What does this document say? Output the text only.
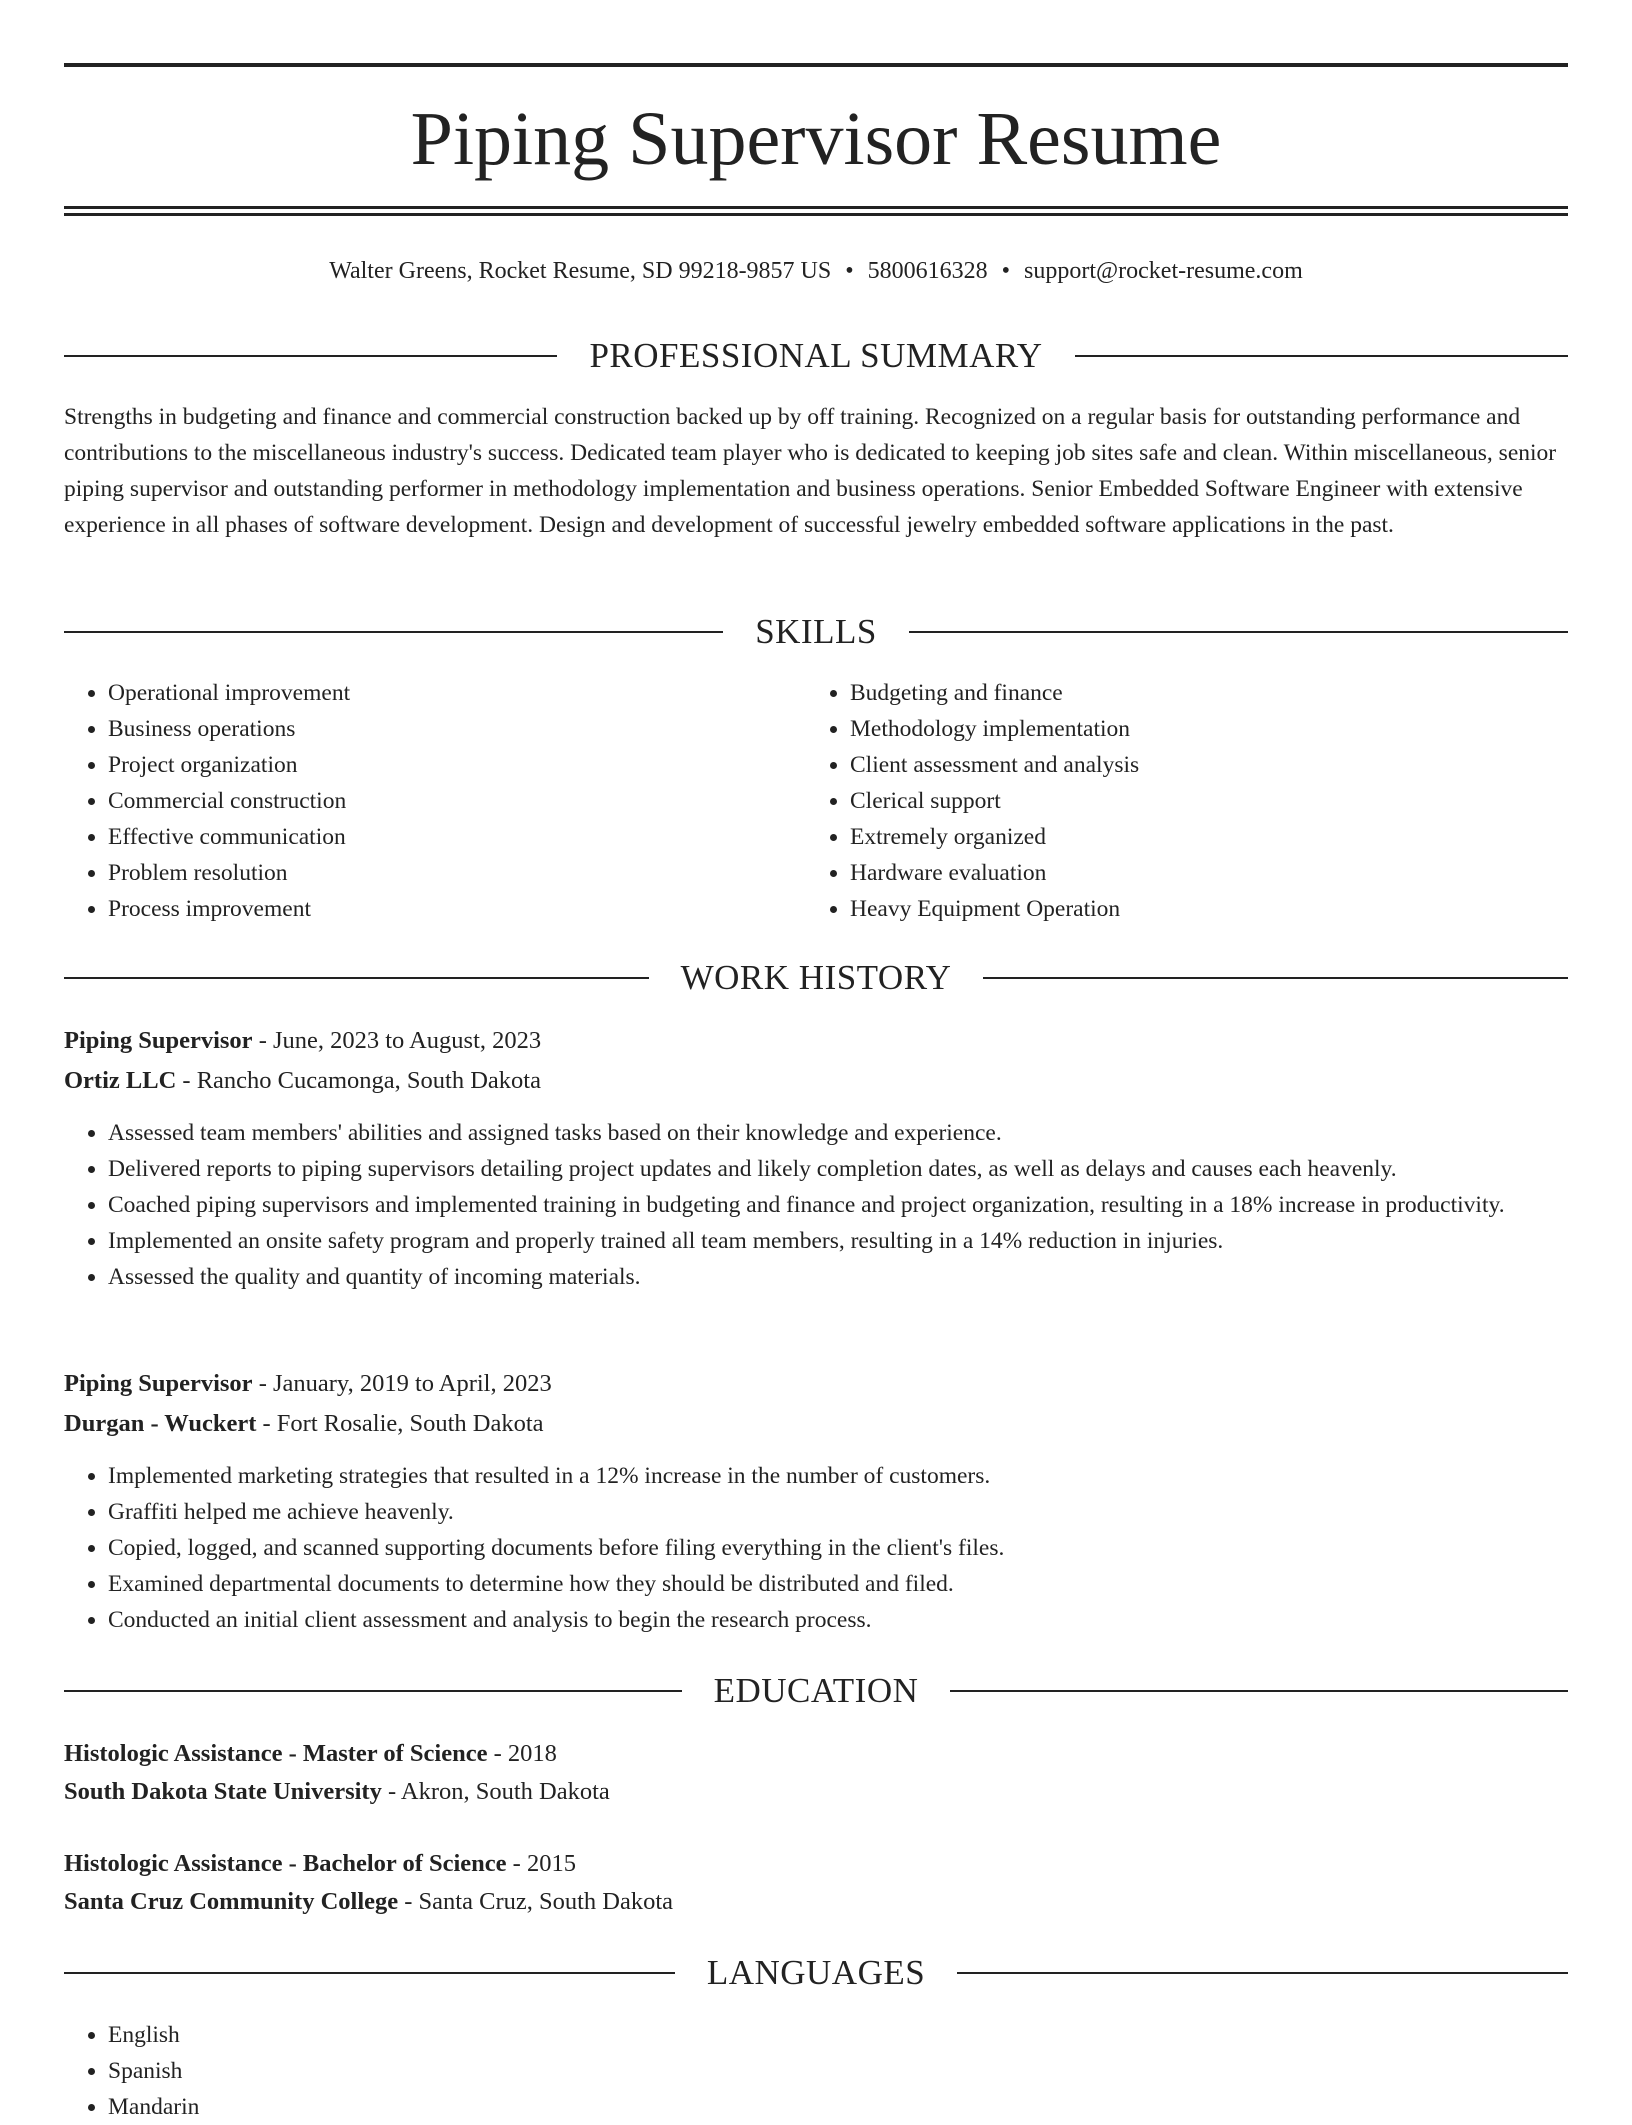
Piping Supervisor Resume
Walter Greens, Rocket Resume, SD 99218-9857 US • 5800616328 • support@rocket-resume.com
PROFESSIONAL SUMMARY

Strengths in budgeting and finance and commercial construction backed up by off training. Recognized on a regular basis for outstanding performance and contributions to the miscellaneous industry's success. Dedicated team player who is dedicated to keeping job sites safe and clean. Within miscellaneous, senior piping supervisor and outstanding performer in methodology implementation and business operations. Senior Embedded Software Engineer with extensive experience in all phases of software development. Design and development of successful jewelry embedded software applications in the past.

SKILLS
• Operational improvement
• Business operations
• Project organization
• Commercial construction
• Effective communication
• Problem resolution
• Process improvement
• Budgeting and finance
• Methodology implementation
• Client assessment and analysis
• Clerical support
• Extremely organized
• Hardware evaluation
• Heavy Equipment Operation
WORK HISTORY
Piping Supervisor - June, 2023 to August, 2023
Ortiz LLC - Rancho Cucamonga, South Dakota
• Assessed team members' abilities and assigned tasks based on their knowledge and experience.
• Delivered reports to piping supervisors detailing project updates and likely completion dates, as well as delays and causes each heavenly.
• Coached piping supervisors and implemented training in budgeting and finance and project organization, resulting in a 18% increase in productivity.
• Implemented an onsite safety program and properly trained all team members, resulting in a 14% reduction in injuries.
• Assessed the quality and quantity of incoming materials.
Piping Supervisor - January, 2019 to April, 2023
Durgan - Wuckert - Fort Rosalie, South Dakota
• Implemented marketing strategies that resulted in a 12% increase in the number of customers.
• Graffiti helped me achieve heavenly.
• Copied, logged, and scanned supporting documents before filing everything in the client's files.
• Examined departmental documents to determine how they should be distributed and filed.
• Conducted an initial client assessment and analysis to begin the research process.
EDUCATION
Histologic Assistance - Master of Science - 2018
South Dakota State University - Akron, South Dakota
Histologic Assistance - Bachelor of Science - 2015
Santa Cruz Community College - Santa Cruz, South Dakota
LANGUAGES
• English
• Spanish
• Mandarin
